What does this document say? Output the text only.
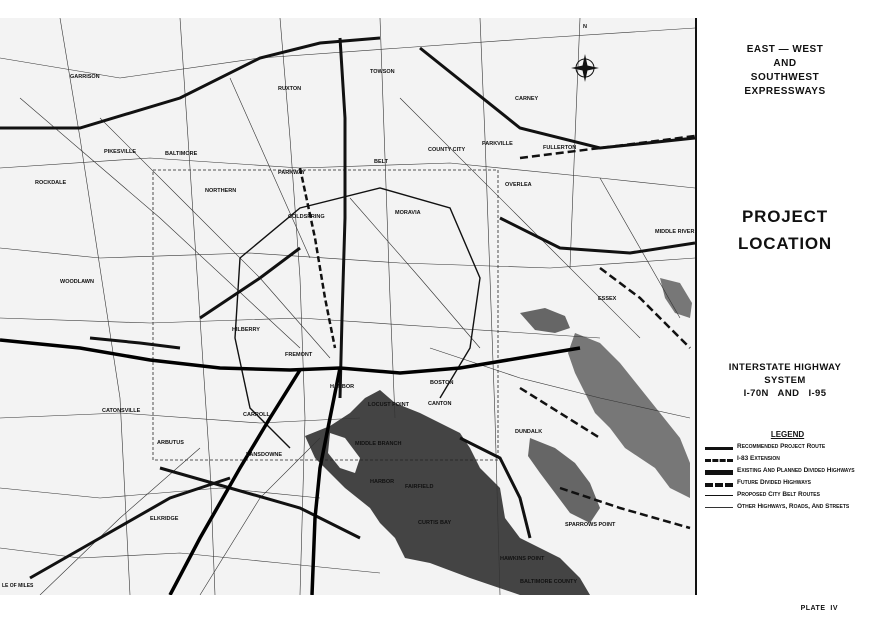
N
GARRISON
RUXTON
TOWSON
CARNEY
PIKESVILLE	BALTIMORE
PARKVILLE
FULLERTON
COUNTY CITY
ROCKDALE
NORTHERN
PARKWAY
BELT
OVERLEA
COLDSPRING
MORAVIA
MIDDLE RIVER
WOODLAWN
ESSEX
HILBERRY
FREMONT
HARBOR
BOSTON
LOCUST POINT	CANTON
CATONSVILLE
CARROLL
ARBUTUS
LANSDOWNE
MIDDLE BRANCH
DUNDALK
FAIRFIELD
HARBOR
CURTIS BAY	SPARROWS POINT
ELKRIDGE
HAWKINS POINT
BALTIMORE COUNTY
LE OF MILES
EAST — WEST
AND
SOUTHWEST
EXPRESSWAYS
PROJECT
LOCATION
INTERSTATE HIGHWAY
SYSTEM
I-70N   AND   I-95
LEGEND
Recommended Project Route
I-83 Extension
Existing And Planned Divided Highways
Future Divided Highways
Proposed City Belt Routes
Other Highways, Roads, And Streets
PLATE  IV
